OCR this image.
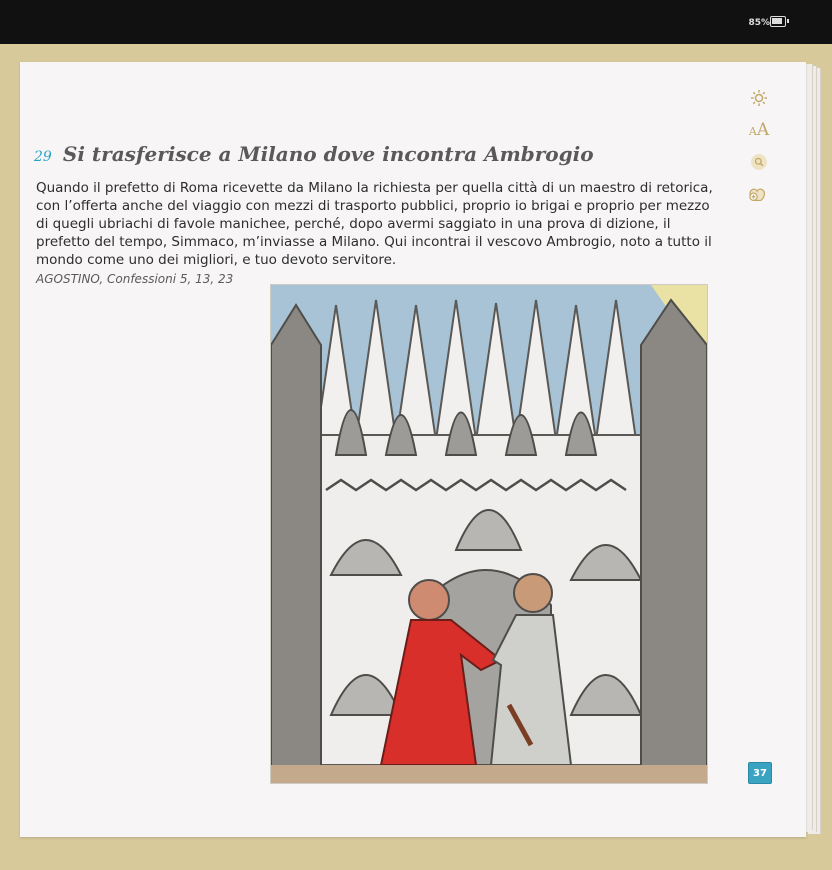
85%
AA
29 Si trasferisce a Milano dove incontra Ambrogio

Quando il prefetto di Roma ricevette da Milano la richiesta per quella città di un maestro di retorica, con l’offerta anche del viaggio con mezzi di trasporto pubblici, proprio io brigai e proprio per mezzo di quegli ubriachi di favole manichee, perché, dopo avermi saggiato in una prova di dizione, il prefetto del tempo, Simmaco, m’inviasse a Milano. Qui incontrai il vescovo Ambrogio, noto a tutto il mondo come uno dei migliori, e tuo devoto servitore.

AGOSTINO, Confessioni 5, 13, 23
37
